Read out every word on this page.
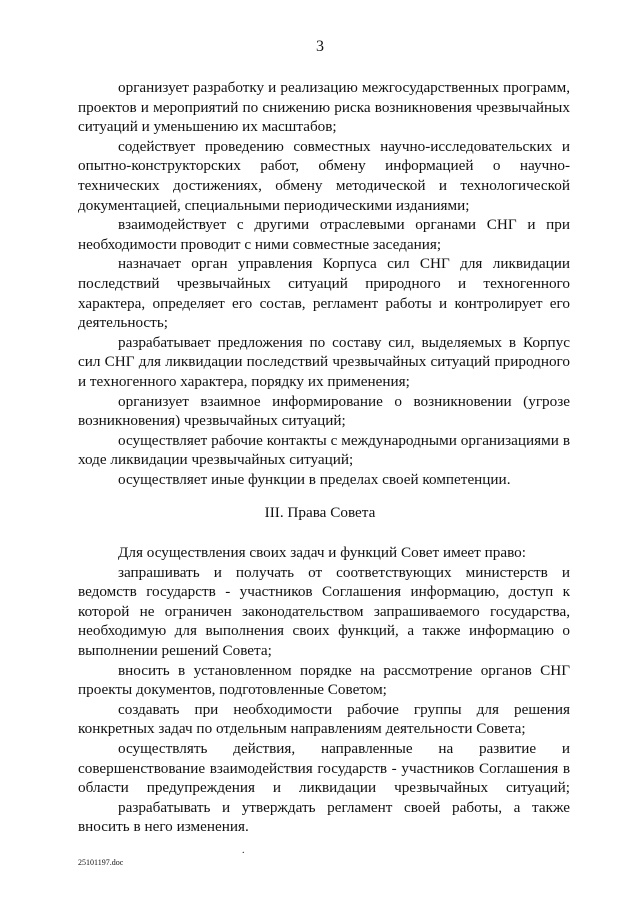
3

организует разработку и реализацию межгосударственных программ, проектов и мероприятий по снижению риска возникновения чрезвычайных ситуаций и уменьшению их масштабов;

содействует проведению совместных научно-исследовательских и опытно-конструкторских работ, обмену информацией о научно-технических достижениях, обмену методической и технологической документацией, специальными периодическими изданиями;

взаимодействует с другими отраслевыми органами СНГ и при необходимости проводит с ними совместные заседания;

назначает орган управления Корпуса сил СНГ для ликвидации последствий чрезвычайных ситуаций природного и техногенного характера, определяет его состав, регламент работы и контролирует его деятельность;

разрабатывает предложения по составу сил, выделяемых в Корпус сил СНГ для ликвидации последствий чрезвычайных ситуаций природного и техногенного характера, порядку их применения;

организует взаимное информирование о возникновении (угрозе возникновения) чрезвычайных ситуаций;

осуществляет рабочие контакты с международными организациями в ходе ликвидации чрезвычайных ситуаций;

осуществляет иные функции в пределах своей компетенции.

III. Права Совета

Для осуществления своих задач и функций Совет имеет право:

запрашивать и получать от соответствующих министерств и ведомств государств - участников Соглашения информацию, доступ к которой не ограничен законодательством запрашиваемого государства, необходимую для выполнения своих функций, а также информацию о выполнении решений Совета;

вносить в установленном порядке на рассмотрение органов СНГ проекты документов, подготовленные Советом;

создавать при необходимости рабочие группы для решения конкретных задач по отдельным направлениям деятельности Совета;

осуществлять действия, направленные на развитие и совершенствование взаимодействия государств - участников Соглашения в области предупреждения и ликвидации чрезвычайных ситуаций;

разрабатывать и утверждать регламент своей работы, а также вносить в него изменения.

.
25101197.doc
